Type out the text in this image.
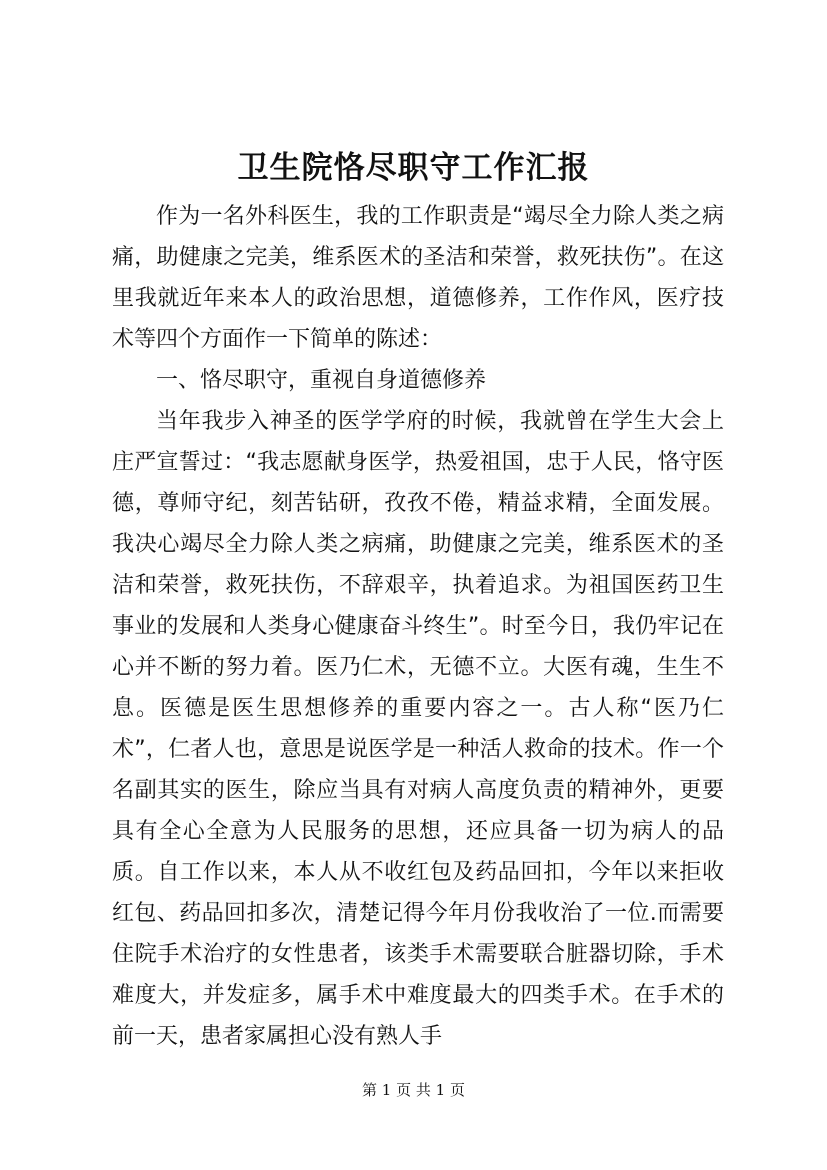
卫生院恪尽职守工作汇报

作为一名外科医生，我的工作职责是“竭尽全力除人类之病痛，助健康之完美，维系医术的圣洁和荣誉，救死扶伤”。在这里我就近年来本人的政治思想，道德修养，工作作风，医疗技术等四个方面作一下简单的陈述：

一、恪尽职守，重视自身道德修养

当年我步入神圣的医学学府的时候，我就曾在学生大会上庄严宣誓过：“我志愿献身医学，热爱祖国，忠于人民，恪守医德，尊师守纪，刻苦钻研，孜孜不倦，精益求精，全面发展。我决心竭尽全力除人类之病痛，助健康之完美，维系医术的圣洁和荣誉，救死扶伤，不辞艰辛，执着追求。为祖国医药卫生事业的发展和人类身心健康奋斗终生”。时至今日，我仍牢记在心并不断的努力着。医乃仁术，无德不立。大医有魂，生生不息。医德是医生思想修养的重要内容之一。古人称“医乃仁术”，仁者人也，意思是说医学是一种活人救命的技术。作一个名副其实的医生，除应当具有对病人高度负责的精神外，更要具有全心全意为人民服务的思想，还应具备一切为病人的品质。自工作以来，本人从不收红包及药品回扣，今年以来拒收红包、药品回扣多次，清楚记得今年月份我收治了一位.而需要住院手术治疗的女性患者，该类手术需要联合脏器切除，手术难度大，并发症多，属手术中难度最大的四类手术。在手术的前一天，患者家属担心没有熟人手

第 1 页 共 1 页
